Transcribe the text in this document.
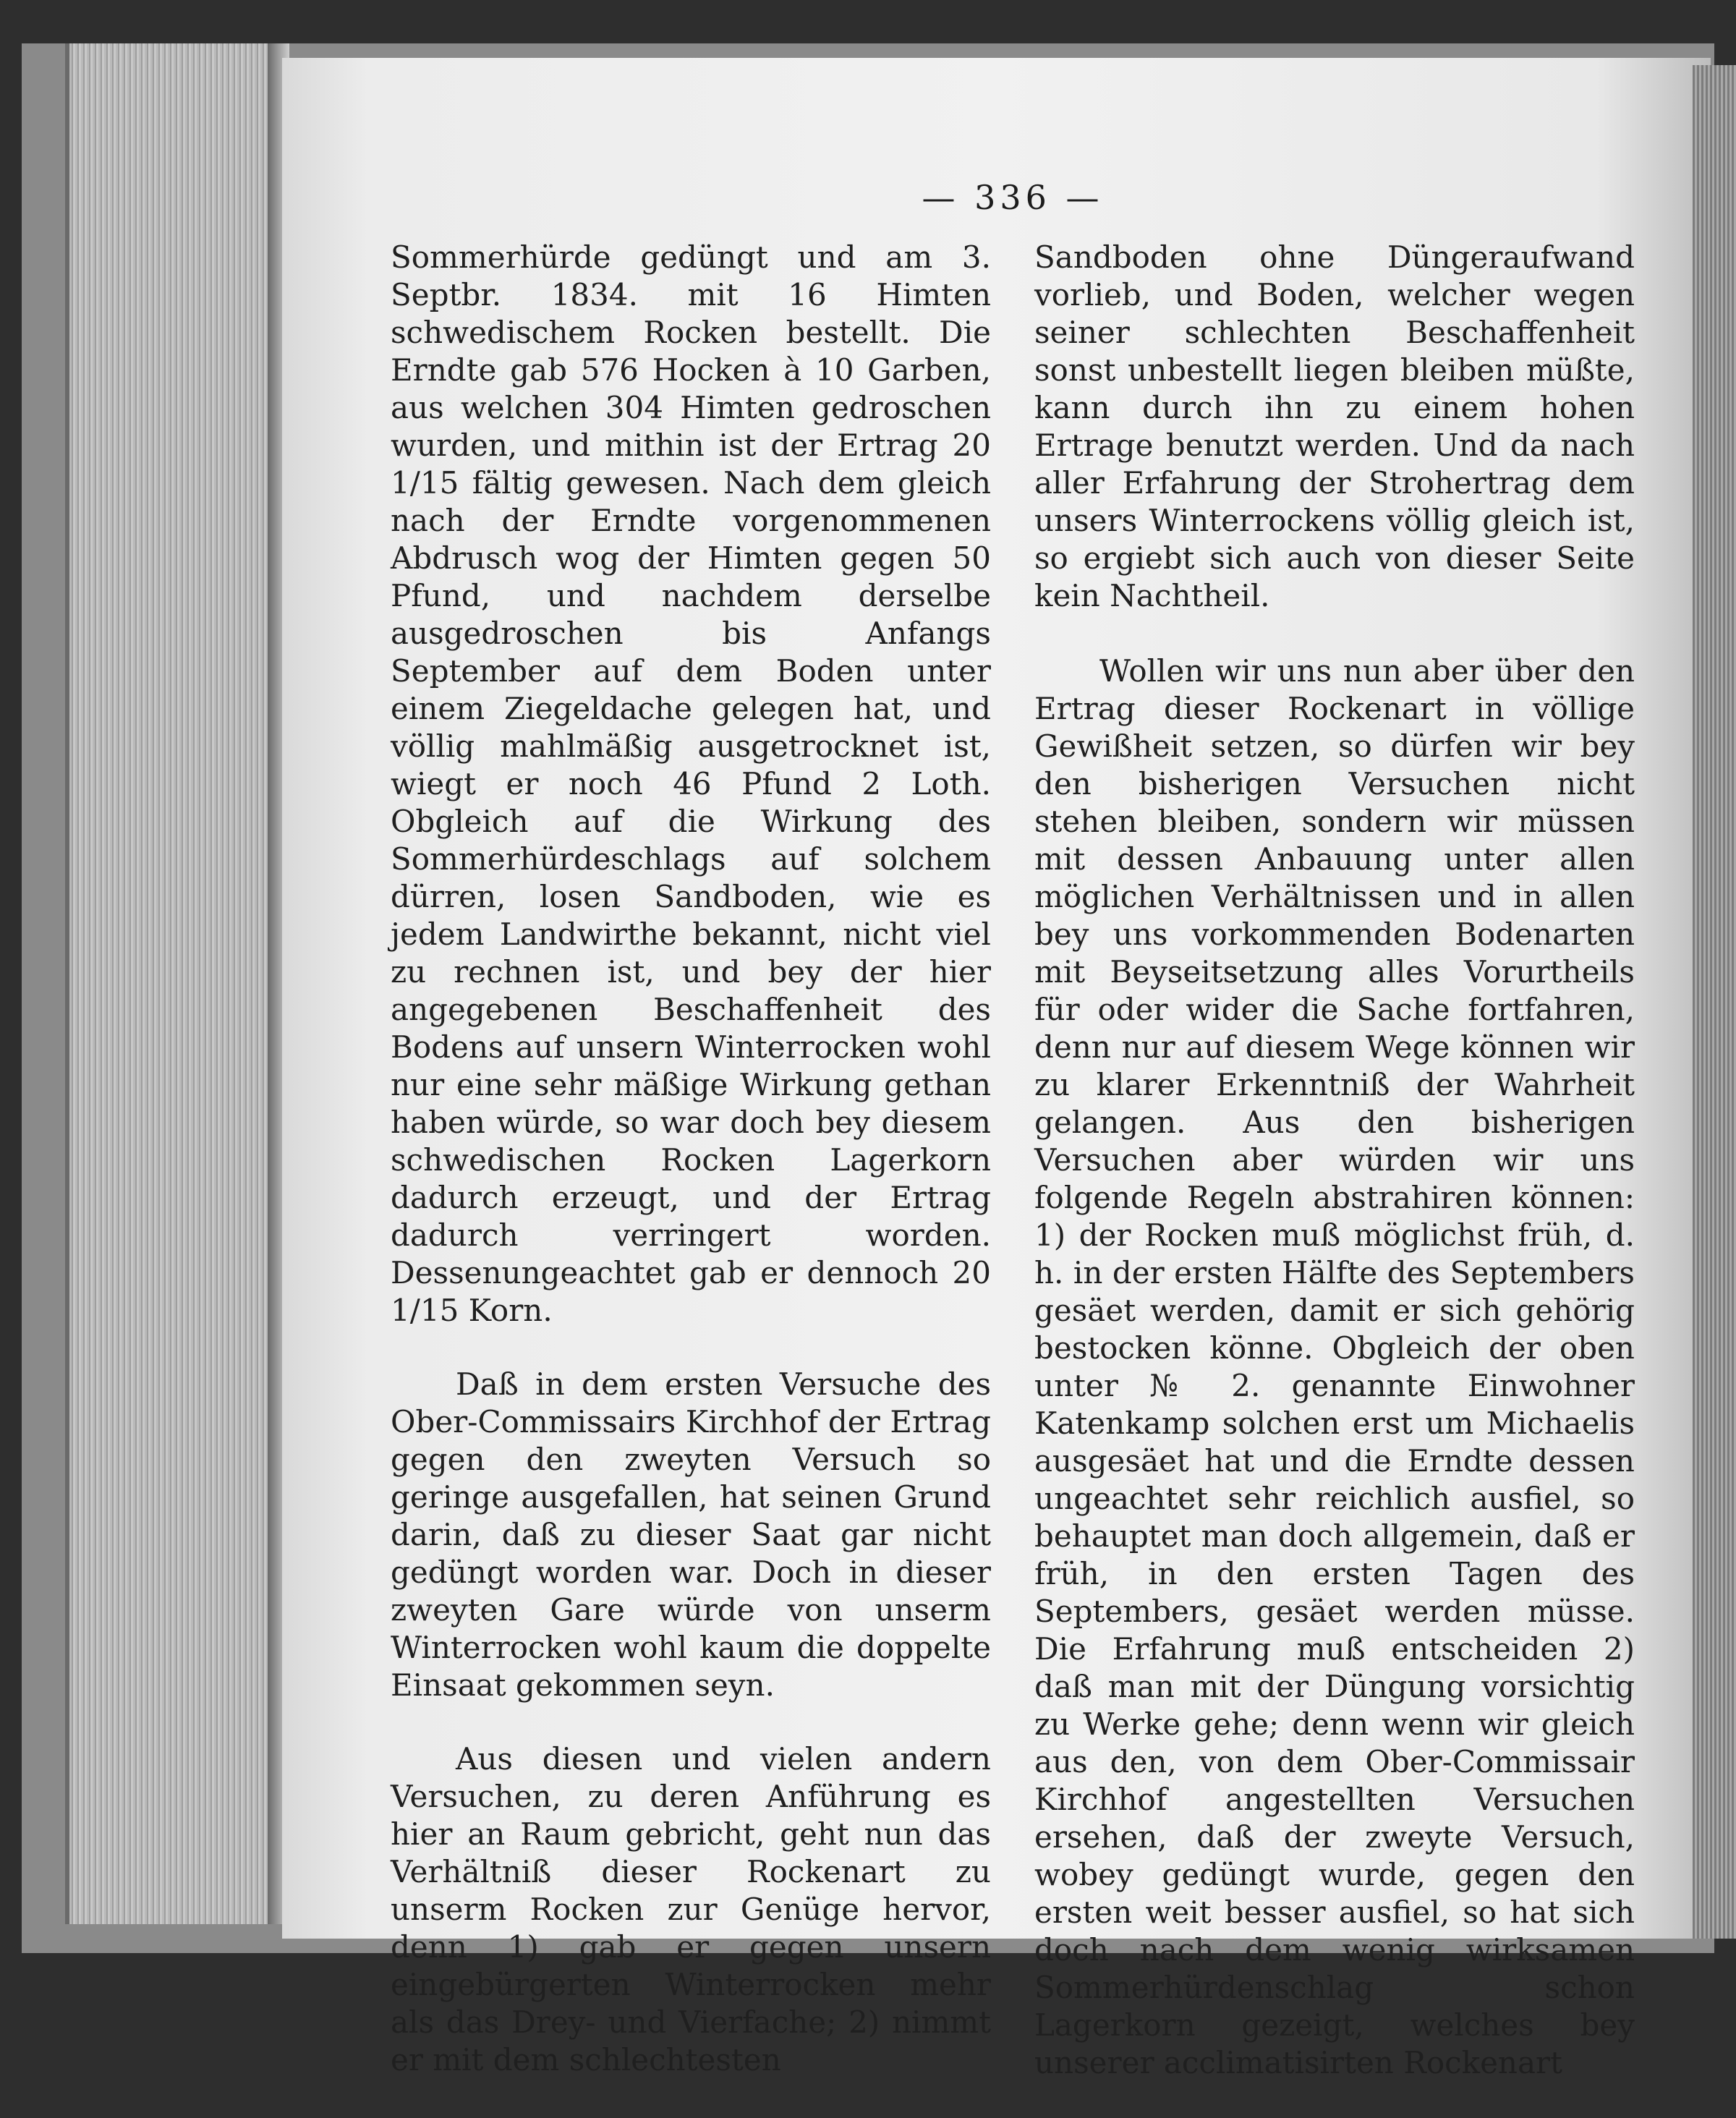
— 336 —

Sommerhürde gedüngt und am 3. Septbr. 1834. mit 16 Himten schwedischem Rocken bestellt. Die Erndte gab 576 Hocken à 10 Garben, aus welchen 304 Himten gedroschen wurden, und mithin ist der Ertrag 20 1/15 fältig gewesen. Nach dem gleich nach der Erndte vorgenommenen Abdrusch wog der Himten gegen 50 Pfund, und nachdem derselbe ausgedroschen bis Anfangs September auf dem Boden unter einem Ziegeldache gelegen hat, und völlig mahlmäßig ausgetrocknet ist, wiegt er noch 46 Pfund 2 Loth. Obgleich auf die Wirkung des Sommerhürdeschlags auf solchem dürren, losen Sandboden, wie es jedem Landwirthe bekannt, nicht viel zu rechnen ist, und bey der hier angegebenen Beschaffenheit des Bodens auf unsern Winterrocken wohl nur eine sehr mäßige Wirkung gethan haben würde, so war doch bey diesem schwedischen Rocken Lagerkorn dadurch erzeugt, und der Ertrag dadurch verringert worden. Dessenungeachtet gab er dennoch 20 1/15 Korn.

Daß in dem ersten Versuche des Ober-Commissairs Kirchhof der Ertrag gegen den zweyten Versuch so geringe ausgefallen, hat seinen Grund darin, daß zu dieser Saat gar nicht gedüngt worden war. Doch in dieser zweyten Gare würde von unserm Winterrocken wohl kaum die doppelte Einsaat gekommen seyn.

Aus diesen und vielen andern Versuchen, zu deren Anführung es hier an Raum gebricht, geht nun das Verhältniß dieser Rockenart zu unserm Rocken zur Genüge hervor, denn 1) gab er gegen unsern eingebürgerten Winterrocken mehr als das Drey- und Vierfache; 2) nimmt er mit dem schlechtesten

Sandboden ohne Düngeraufwand vorlieb, und Boden, welcher wegen seiner schlechten Beschaffenheit sonst unbestellt liegen bleiben müßte, kann durch ihn zu einem hohen Ertrage benutzt werden. Und da nach aller Erfahrung der Strohertrag dem unsers Winterrockens völlig gleich ist, so ergiebt sich auch von dieser Seite kein Nachtheil.

Wollen wir uns nun aber über den Ertrag dieser Rockenart in völlige Gewißheit setzen, so dürfen wir bey den bisherigen Versuchen nicht stehen bleiben, sondern wir müssen mit dessen Anbauung unter allen möglichen Verhältnissen und in allen bey uns vorkommenden Bodenarten mit Beyseitsetzung alles Vorurtheils für oder wider die Sache fortfahren, denn nur auf diesem Wege können wir zu klarer Erkenntniß der Wahrheit gelangen. Aus den bisherigen Versuchen aber würden wir uns folgende Regeln abstrahiren können: 1) der Rocken muß möglichst früh, d. h. in der ersten Hälfte des Septembers gesäet werden, damit er sich gehörig bestocken könne. Obgleich der oben unter № 2. genannte Einwohner Katenkamp solchen erst um Michaelis ausgesäet hat und die Erndte dessen ungeachtet sehr reichlich ausfiel, so behauptet man doch allgemein, daß er früh, in den ersten Tagen des Septembers, gesäet werden müsse. Die Erfahrung muß entscheiden 2) daß man mit der Düngung vorsichtig zu Werke gehe; denn wenn wir gleich aus den, von dem Ober-Commissair Kirchhof angestellten Versuchen ersehen, daß der zweyte Versuch, wobey gedüngt wurde, gegen den ersten weit besser ausfiel, so hat sich doch nach dem wenig wirksamen Sommerhürdenschlag schon Lagerkorn gezeigt, welches bey unserer acclimatisirten Rockenart
